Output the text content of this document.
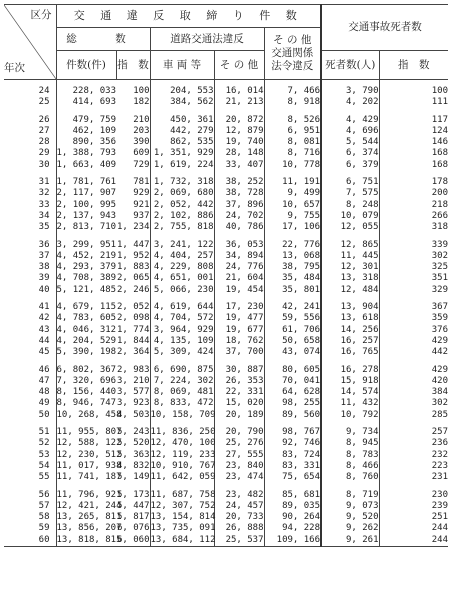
区分
年次	交 通 違 反 取 締 り 件 数					交通事故死者数	
	総　数		道路交通法違反		そ の 他
交通関係
法令違反		

	件数(件)	指　数	車 両 等	そ の 他		死者数(人)	指　数

24	228, 033	100	204, 553	16, 014	7, 466	3, 790	100
25	414, 693	182	384, 562	21, 213	8, 918	4, 202	111

26	479, 759	210	450, 361	20, 872	8, 526	4, 429	117
27	462, 109	203	442, 279	12, 879	6, 951	4, 696	124
28	890, 356	390	862, 535	19, 740	8, 081	5, 544	146
29	1, 388, 793	609	1, 351, 929	28, 148	8, 716	6, 374	168
30	1, 663, 409	729	1, 619, 224	33, 407	10, 778	6, 379	168

31	1, 781, 761	781	1, 732, 318	38, 252	11, 191	6, 751	178
32	2, 117, 907	929	2, 069, 680	38, 728	9, 499	7, 575	200
33	2, 100, 995	921	2, 052, 442	37, 896	10, 657	8, 248	218
34	2, 137, 943	937	2, 102, 886	24, 702	9, 755	10, 079	266
35	2, 813, 710	1, 234	2, 755, 818	40, 786	17, 106	12, 055	318

36	3, 299, 951	1, 447	3, 241, 122	36, 053	22, 776	12, 865	339
37	4, 452, 219	1, 952	4, 404, 257	34, 894	13, 068	11, 445	302
38	4, 293, 379	1, 883	4, 229, 808	24, 776	38, 795	12, 301	325
39	4, 708, 389	2, 065	4, 651, 001	21, 604	35, 484	13, 318	351
40	5, 121, 485	2, 246	5, 066, 230	19, 454	35, 801	12, 484	329

41	4, 679, 115	2, 052	4, 619, 644	17, 230	42, 241	13, 904	367
42	4, 783, 605	2, 098	4, 704, 572	19, 477	59, 556	13, 618	359
43	4, 046, 312	1, 774	3, 964, 929	19, 677	61, 706	14, 256	376
44	4, 204, 529	1, 844	4, 135, 109	18, 762	50, 658	16, 257	429
45	5, 390, 198	2, 364	5, 309, 424	37, 700	43, 074	16, 765	442

46	6, 802, 367	2, 983	6, 690, 875	30, 887	80, 605	16, 278	429
47	7, 320, 696	3, 210	7, 224, 302	26, 353	70, 041	15, 918	420
48	8, 156, 440	3, 577	8, 069, 481	22, 331	64, 628	14, 574	384
49	8, 946, 747	3, 923	8, 833, 472	15, 020	98, 255	11, 432	302
50	10, 268, 458	4, 503	10, 158, 709	20, 189	89, 560	10, 792	285

51	11, 955, 807	5, 243	11, 836, 250	20, 790	98, 767	9, 734	257
52	12, 588, 122	5, 520	12, 470, 100	25, 276	92, 746	8, 945	236
53	12, 230, 512	5, 363	12, 119, 233	27, 555	83, 724	8, 783	232
54	11, 017, 938	4, 832	10, 910, 767	23, 840	83, 331	8, 466	223
55	11, 741, 187	5, 149	11, 642, 059	23, 474	75, 654	8, 760	231

56	11, 796, 921	5, 173	11, 687, 758	23, 482	85, 681	8, 719	230
57	12, 421, 244	5, 447	12, 307, 752	24, 457	89, 035	9, 073	239
58	13, 265, 811	5, 817	13, 154, 814	20, 733	90, 264	9, 520	251
59	13, 856, 207	6, 076	13, 735, 091	26, 888	94, 228	9, 262	244
60	13, 818, 815	6, 060	13, 684, 112	25, 537	109, 166	9, 261	244
